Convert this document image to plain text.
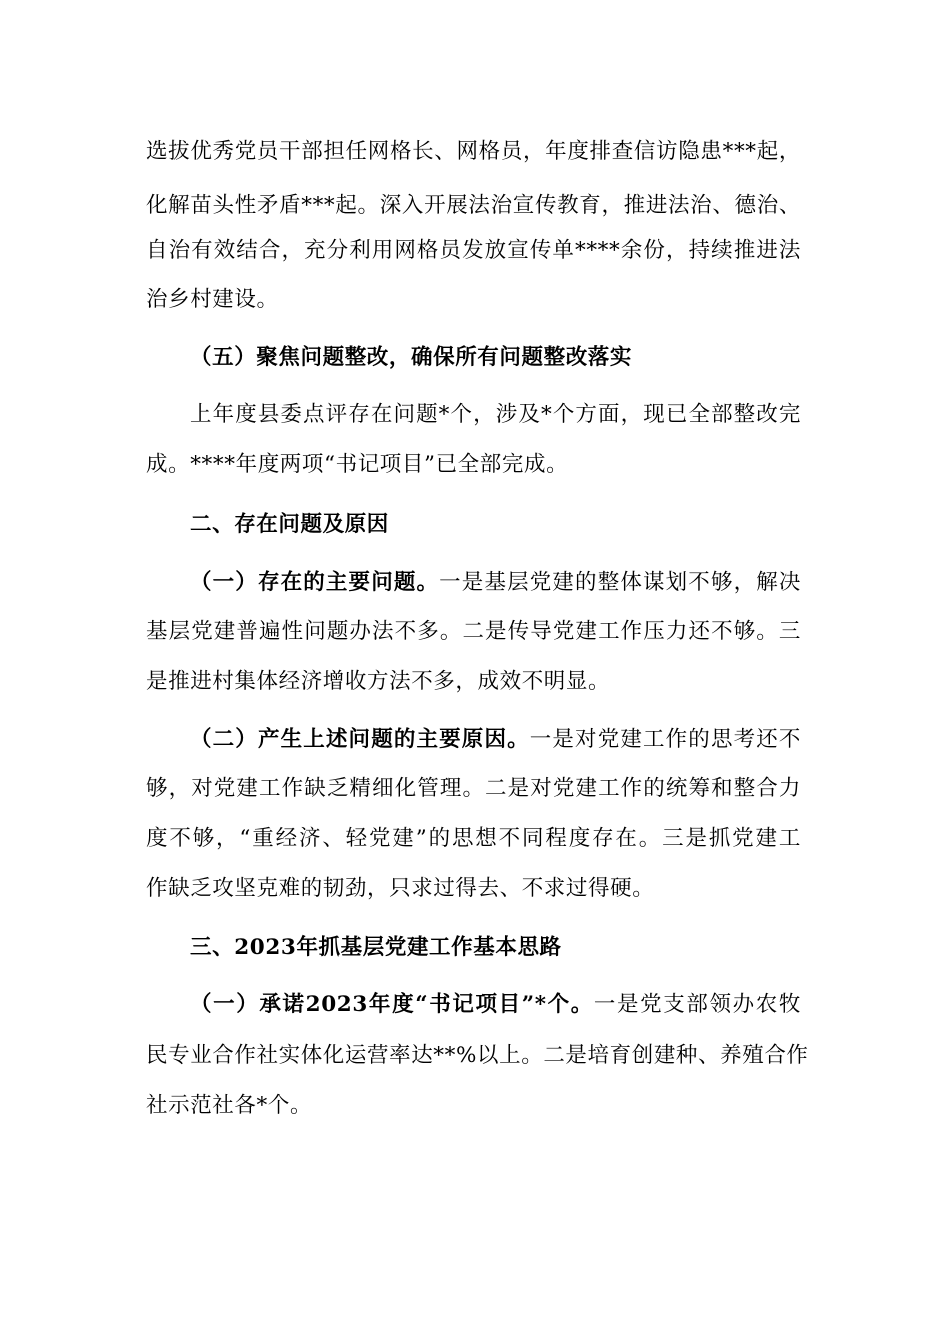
选拔优秀党员干部担任网格长、网格员，年度排查信访隐患***起，
化解苗头性矛盾***起。深入开展法治宣传教育，推进法治、德治、
自治有效结合，充分利用网格员发放宣传单****余份，持续推进法
治乡村建设。
（五）聚焦问题整改，确保所有问题整改落实
上年度县委点评存在问题*个，涉及*个方面，现已全部整改完
成。****年度两项“书记项目”已全部完成。
二、存在问题及原因
（一）存在的主要问题。一是基层党建的整体谋划不够，解决
基层党建普遍性问题办法不多。二是传导党建工作压力还不够。三
是推进村集体经济增收方法不多，成效不明显。
（二）产生上述问题的主要原因。一是对党建工作的思考还不
够，对党建工作缺乏精细化管理。二是对党建工作的统筹和整合力
度不够，“重经济、轻党建”的思想不同程度存在。三是抓党建工
作缺乏攻坚克难的韧劲，只求过得去、不求过得硬。
三、2023年抓基层党建工作基本思路
（一）承诺2023年度“书记项目”*个。一是党支部领办农牧
民专业合作社实体化运营率达**%以上。二是培育创建种、养殖合作
社示范社各*个。
